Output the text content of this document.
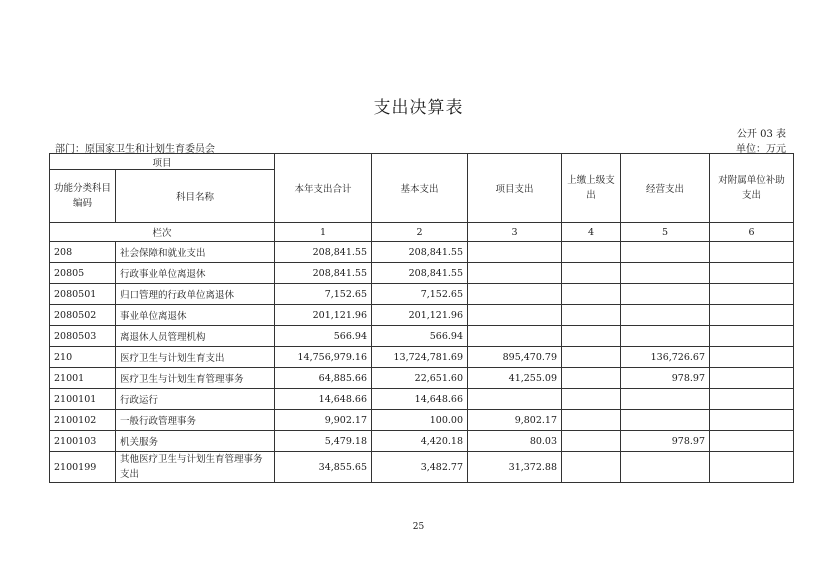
支出决算表
公开 03 表
部门：原国家卫生和计划生育委员会	单位：万元
项目		本年支出合计	基本支出	项目支出	上缴上级支出	经营支出	对附属单位补助支出
功能分类科目编码	科目名称						
栏次		1	2	3	4	5	6
208	社会保障和就业支出	208,841.55	208,841.55				
20805	行政事业单位离退休	208,841.55	208,841.55				
2080501	归口管理的行政单位离退休	7,152.65	7,152.65				
2080502	事业单位离退休	201,121.96	201,121.96				
2080503	离退休人员管理机构	566.94	566.94				
210	医疗卫生与计划生育支出	14,756,979.16	13,724,781.69	895,470.79		136,726.67	
21001	医疗卫生与计划生育管理事务	64,885.66	22,651.60	41,255.09		978.97	
2100101	行政运行	14,648.66	14,648.66				
2100102	一般行政管理事务	9,902.17	100.00	9,802.17			
2100103	机关服务	5,479.18	4,420.18	80.03		978.97	
2100199	其他医疗卫生与计划生育管理事务支出	34,855.65	3,482.77	31,372.88			
25
